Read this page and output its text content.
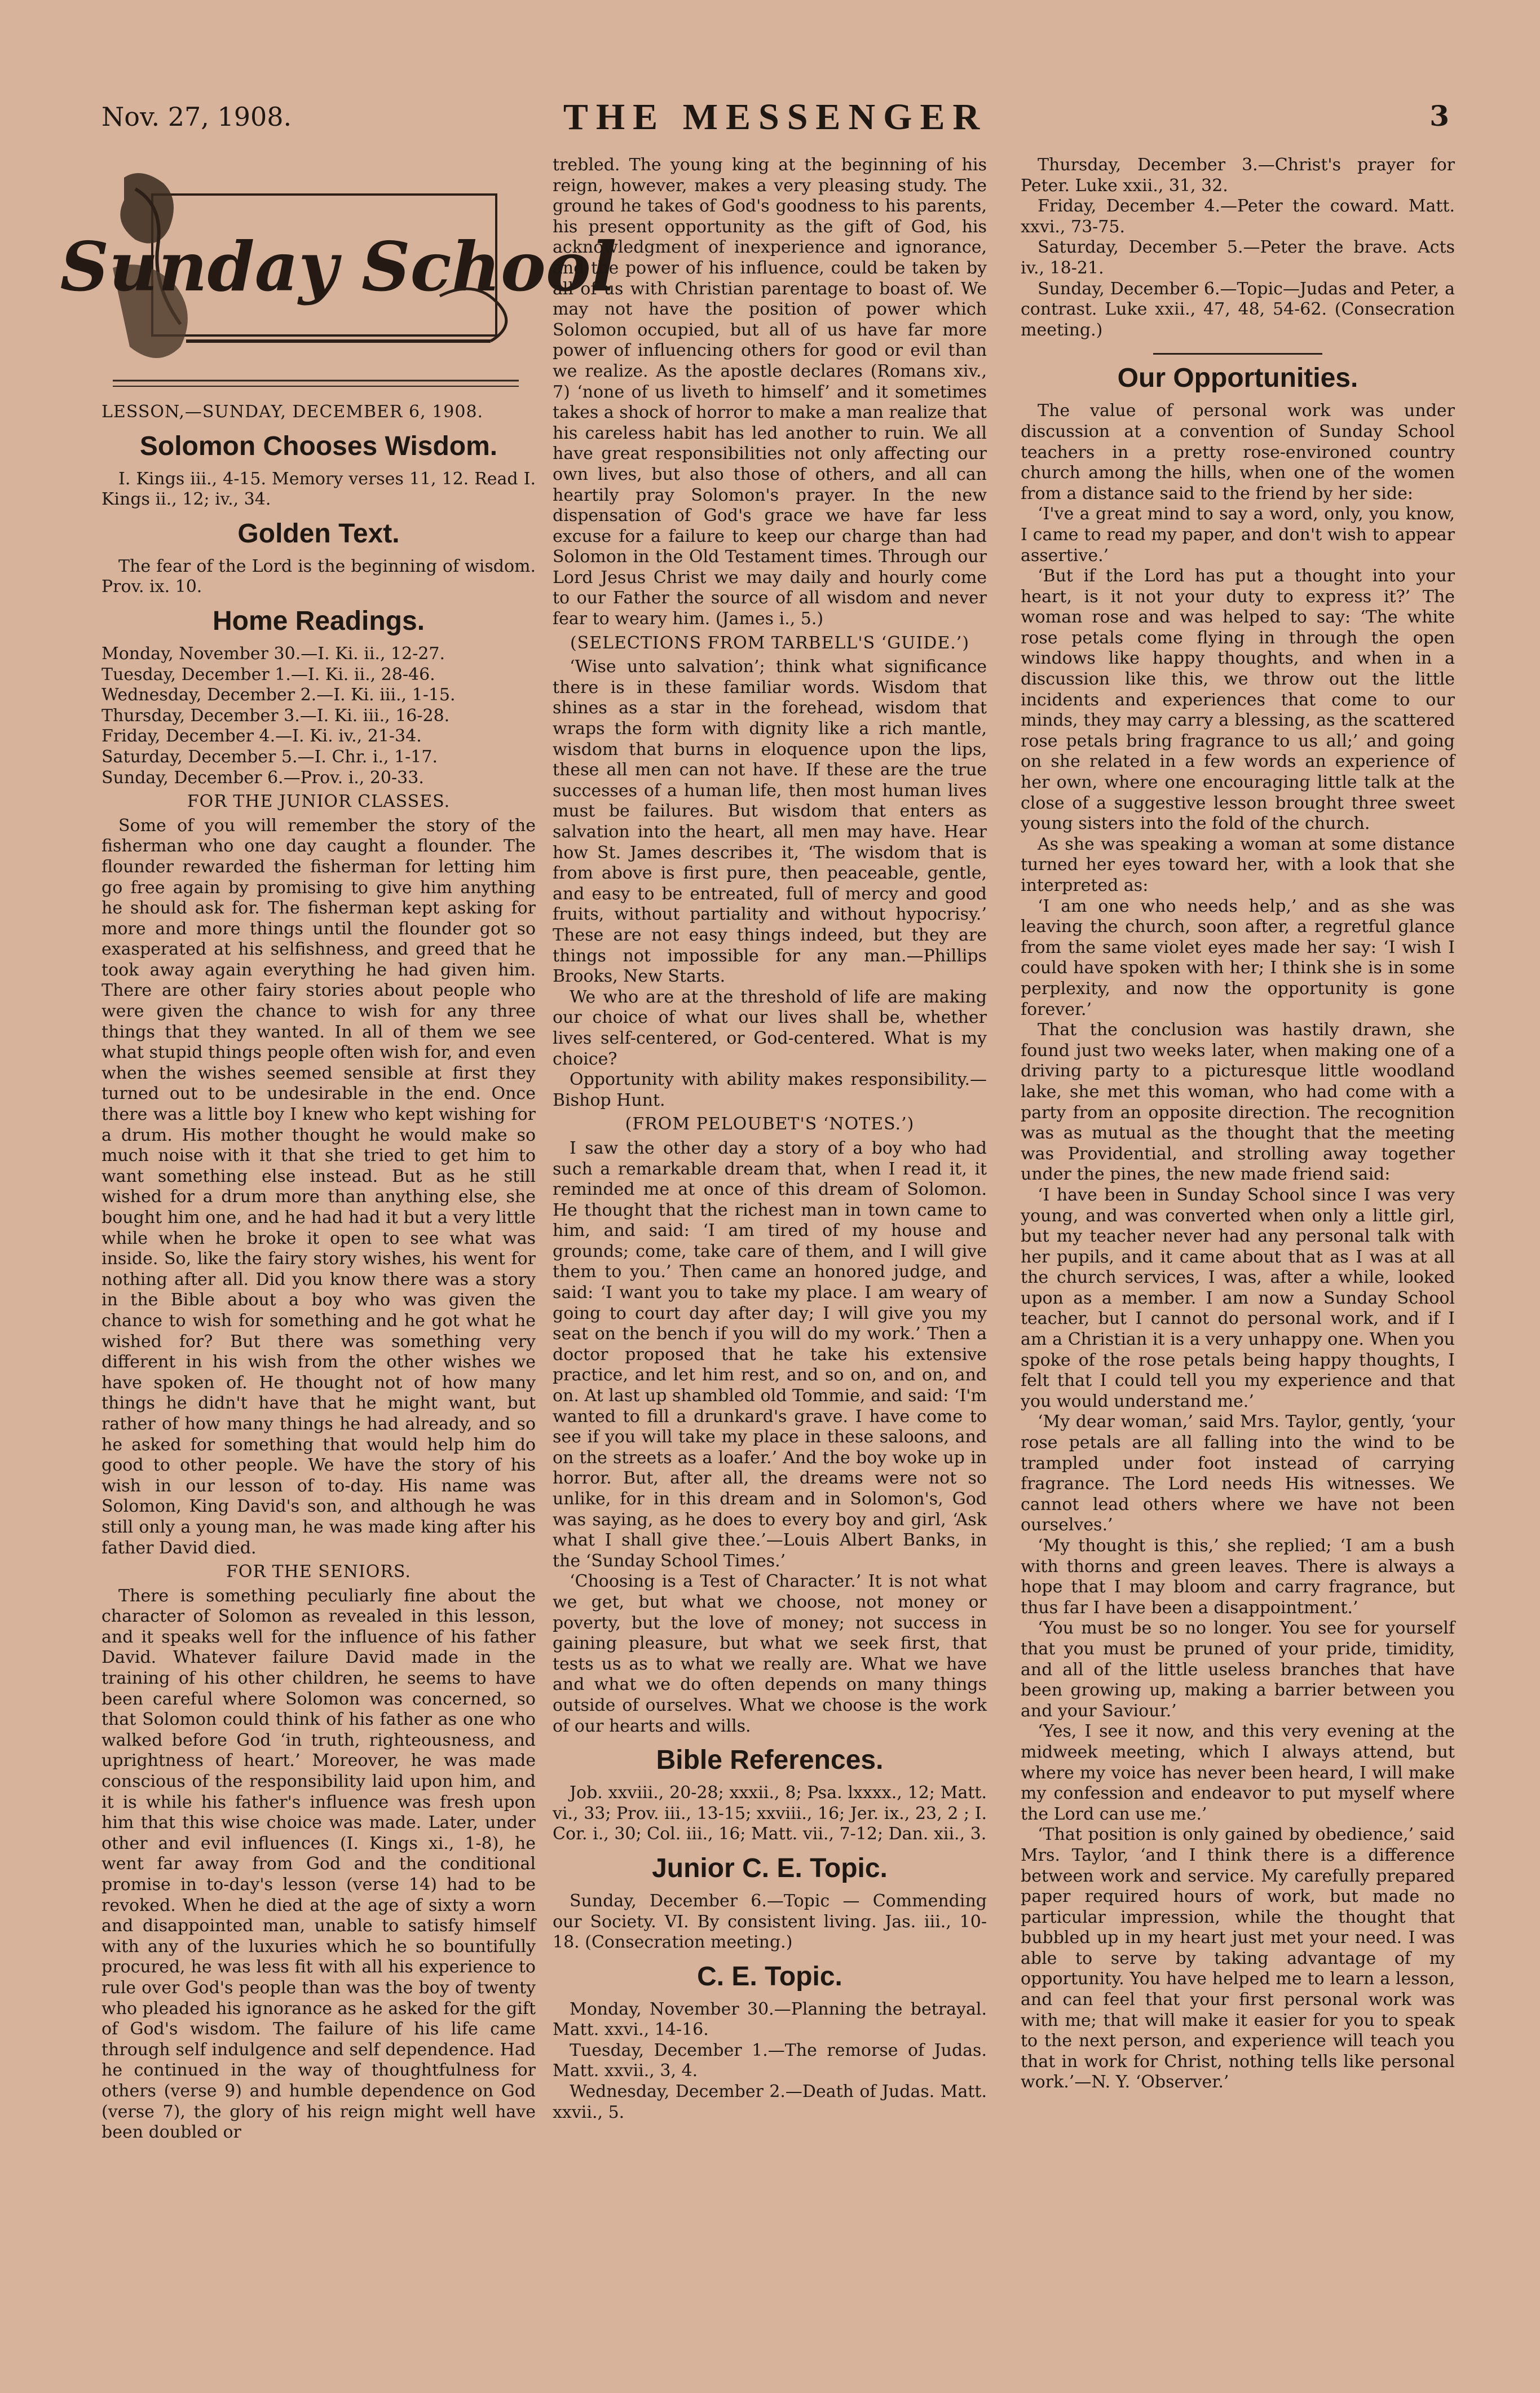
Nov. 27, 1908.	THE MESSENGER	3
Sunday School

LESSON,—SUNDAY, DECEMBER 6, 1908.

Solomon Chooses Wisdom.

I. Kings iii., 4-15. Memory verses 11, 12. Read I. Kings ii., 12; iv., 34.

Golden Text.

The fear of the Lord is the beginning of wisdom. Prov. ix. 10.

Home Readings.

Monday, November 30.—I. Ki. ii., 12-27.

Tuesday, December 1.—I. Ki. ii., 28-46.

Wednesday, December 2.—I. Ki. iii., 1-15.

Thursday, December 3.—I. Ki. iii., 16-28.

Friday, December 4.—I. Ki. iv., 21-34.

Saturday, December 5.—I. Chr. i., 1-17.

Sunday, December 6.—Prov. i., 20-33.

FOR THE JUNIOR CLASSES.

Some of you will remember the story of the fisherman who one day caught a flounder. The flounder rewarded the fisherman for letting him go free again by promising to give him anything he should ask for. The fisherman kept asking for more and more things until the flounder got so exasperated at his selfishness, and greed that he took away again everything he had given him. There are other fairy stories about people who were given the chance to wish for any three things that they wanted. In all of them we see what stupid things people often wish for, and even when the wishes seemed sensible at first they turned out to be undesirable in the end. Once there was a little boy I knew who kept wishing for a drum. His mother thought he would make so much noise with it that she tried to get him to want something else instead. But as he still wished for a drum more than anything else, she bought him one, and he had had it but a very little while when he broke it open to see what was inside. So, like the fairy story wishes, his went for nothing after all. Did you know there was a story in the Bible about a boy who was given the chance to wish for something and he got what he wished for? But there was something very different in his wish from the other wishes we have spoken of. He thought not of how many things he didn't have that he might want, but rather of how many things he had already, and so he asked for something that would help him do good to other people. We have the story of his wish in our lesson of to-day. His name was Solomon, King David's son, and although he was still only a young man, he was made king after his father David died.

FOR THE SENIORS.

There is something peculiarly fine about the character of Solomon as revealed in this lesson, and it speaks well for the influence of his father David. Whatever failure David made in the training of his other children, he seems to have been careful where Solomon was concerned, so that Solomon could think of his father as one who walked before God ‘in truth, righteousness, and uprightness of heart.’ Moreover, he was made conscious of the responsibility laid upon him, and it is while his father's influence was fresh upon him that this wise choice was made. Later, under other and evil influences (I. Kings xi., 1-8), he went far away from God and the conditional promise in to-day's lesson (verse 14) had to be revoked. When he died at the age of sixty a worn and disappointed man, unable to satisfy himself with any of the luxuries which he so bountifully procured, he was less fit with all his experience to rule over God's people than was the boy of twenty who pleaded his ignorance as he asked for the gift of God's wisdom. The failure of his life came through self indulgence and self dependence. Had he continued in the way of thoughtfulness for others (verse 9) and humble dependence on God (verse 7), the glory of his reign might well have been doubled or

trebled. The young king at the beginning of his reign, however, makes a very pleasing study. The ground he takes of God's goodness to his parents, his present opportunity as the gift of God, his acknowledgment of inexperience and ignorance, and the power of his influence, could be taken by all of us with Christian parentage to boast of. We may not have the position of power which Solomon occupied, but all of us have far more power of influencing others for good or evil than we realize. As the apostle declares (Romans xiv., 7) ‘none of us liveth to himself’ and it sometimes takes a shock of horror to make a man realize that his careless habit has led another to ruin. We all have great responsibilities not only affecting our own lives, but also those of others, and all can heartily pray Solomon's prayer. In the new dispensation of God's grace we have far less excuse for a failure to keep our charge than had Solomon in the Old Testament times. Through our Lord Jesus Christ we may daily and hourly come to our Father the source of all wisdom and never fear to weary him. (James i., 5.)

(SELECTIONS FROM TARBELL'S ‘GUIDE.’)

‘Wise unto salvation’; think what significance there is in these familiar words. Wisdom that shines as a star in the forehead, wisdom that wraps the form with dignity like a rich mantle, wisdom that burns in eloquence upon the lips, these all men can not have. If these are the true successes of a human life, then most human lives must be failures. But wisdom that enters as salvation into the heart, all men may have. Hear how St. James describes it, ‘The wisdom that is from above is first pure, then peaceable, gentle, and easy to be entreated, full of mercy and good fruits, without partiality and without hypocrisy.’ These are not easy things indeed, but they are things not impossible for any man.—Phillips Brooks, New Starts.

We who are at the threshold of life are making our choice of what our lives shall be, whether lives self-centered, or God-centered. What is my choice?

Opportunity with ability makes responsibility.—Bishop Hunt.

(FROM PELOUBET'S ‘NOTES.’)

I saw the other day a story of a boy who had such a remarkable dream that, when I read it, it reminded me at once of this dream of Solomon. He thought that the richest man in town came to him, and said: ‘I am tired of my house and grounds; come, take care of them, and I will give them to you.’ Then came an honored judge, and said: ‘I want you to take my place. I am weary of going to court day after day; I will give you my seat on the bench if you will do my work.’ Then a doctor proposed that he take his extensive practice, and let him rest, and so on, and on, and on. At last up shambled old Tommie, and said: ‘I'm wanted to fill a drunkard's grave. I have come to see if you will take my place in these saloons, and on the streets as a loafer.’ And the boy woke up in horror. But, after all, the dreams were not so unlike, for in this dream and in Solomon's, God was saying, as he does to every boy and girl, ‘Ask what I shall give thee.’—Louis Albert Banks, in the ‘Sunday School Times.’

‘Choosing is a Test of Character.’ It is not what we get, but what we choose, not money or poverty, but the love of money; not success in gaining pleasure, but what we seek first, that tests us as to what we really are. What we have and what we do often depends on many things outside of ourselves. What we choose is the work of our hearts and wills.

Bible References.

Job. xxviii., 20-28; xxxii., 8; Psa. lxxxx., 12; Matt. vi., 33; Prov. iii., 13-15; xxviii., 16; Jer. ix., 23, 2 ; I. Cor. i., 30; Col. iii., 16; Matt. vii., 7-12; Dan. xii., 3.

Junior C. E. Topic.

Sunday, December 6.—Topic — Commending our Society. VI. By consistent living. Jas. iii., 10-18. (Consecration meeting.)

C. E. Topic.

Monday, November 30.—Planning the betrayal. Matt. xxvi., 14-16.

Tuesday, December 1.—The remorse of Judas. Matt. xxvii., 3, 4.

Wednesday, December 2.—Death of Judas. Matt. xxvii., 5.

Thursday, December 3.—Christ's prayer for Peter. Luke xxii., 31, 32.

Friday, December 4.—Peter the coward. Matt. xxvi., 73-75.

Saturday, December 5.—Peter the brave. Acts iv., 18-21.

Sunday, December 6.—Topic—Judas and Peter, a contrast. Luke xxii., 47, 48, 54-62. (Consecration meeting.)

Our Opportunities.

The value of personal work was under discussion at a convention of Sunday School teachers in a pretty rose-environed country church among the hills, when one of the women from a distance said to the friend by her side:

‘I've a great mind to say a word, only, you know, I came to read my paper, and don't wish to appear assertive.’

‘But if the Lord has put a thought into your heart, is it not your duty to express it?’ The woman rose and was helped to say: ‘The white rose petals come flying in through the open windows like happy thoughts, and when in a discussion like this, we throw out the little incidents and experiences that come to our minds, they may carry a blessing, as the scattered rose petals bring fragrance to us all;’ and going on she related in a few words an experience of her own, where one encouraging little talk at the close of a suggestive lesson brought three sweet young sisters into the fold of the church.

As she was speaking a woman at some distance turned her eyes toward her, with a look that she interpreted as:

‘I am one who needs help,’ and as she was leaving the church, soon after, a regretful glance from the same violet eyes made her say: ‘I wish I could have spoken with her; I think she is in some perplexity, and now the opportunity is gone forever.’

That the conclusion was hastily drawn, she found just two weeks later, when making one of a driving party to a picturesque little woodland lake, she met this woman, who had come with a party from an opposite direction. The recognition was as mutual as the thought that the meeting was Providential, and strolling away together under the pines, the new made friend said:

‘I have been in Sunday School since I was very young, and was converted when only a little girl, but my teacher never had any personal talk with her pupils, and it came about that as I was at all the church services, I was, after a while, looked upon as a member. I am now a Sunday School teacher, but I cannot do personal work, and if I am a Christian it is a very unhappy one. When you spoke of the rose petals being happy thoughts, I felt that I could tell you my experience and that you would understand me.’

‘My dear woman,’ said Mrs. Taylor, gently, ‘your rose petals are all falling into the wind to be trampled under foot instead of carrying fragrance. The Lord needs His witnesses. We cannot lead others where we have not been ourselves.’

‘My thought is this,’ she replied; ‘I am a bush with thorns and green leaves. There is always a hope that I may bloom and carry fragrance, but thus far I have been a disappointment.’

‘You must be so no longer. You see for yourself that you must be pruned of your pride, timidity, and all of the little useless branches that have been growing up, making a barrier between you and your Saviour.’

‘Yes, I see it now, and this very evening at the midweek meeting, which I always attend, but where my voice has never been heard, I will make my confession and endeavor to put myself where the Lord can use me.’

‘That position is only gained by obedience,’ said Mrs. Taylor, ‘and I think there is a difference between work and service. My carefully prepared paper required hours of work, but made no particular impression, while the thought that bubbled up in my heart just met your need. I was able to serve by taking advantage of my opportunity. You have helped me to learn a lesson, and can feel that your first personal work was with me; that will make it easier for you to speak to the next person, and experience will teach you that in work for Christ, nothing tells like personal work.’—N. Y. ‘Observer.’
